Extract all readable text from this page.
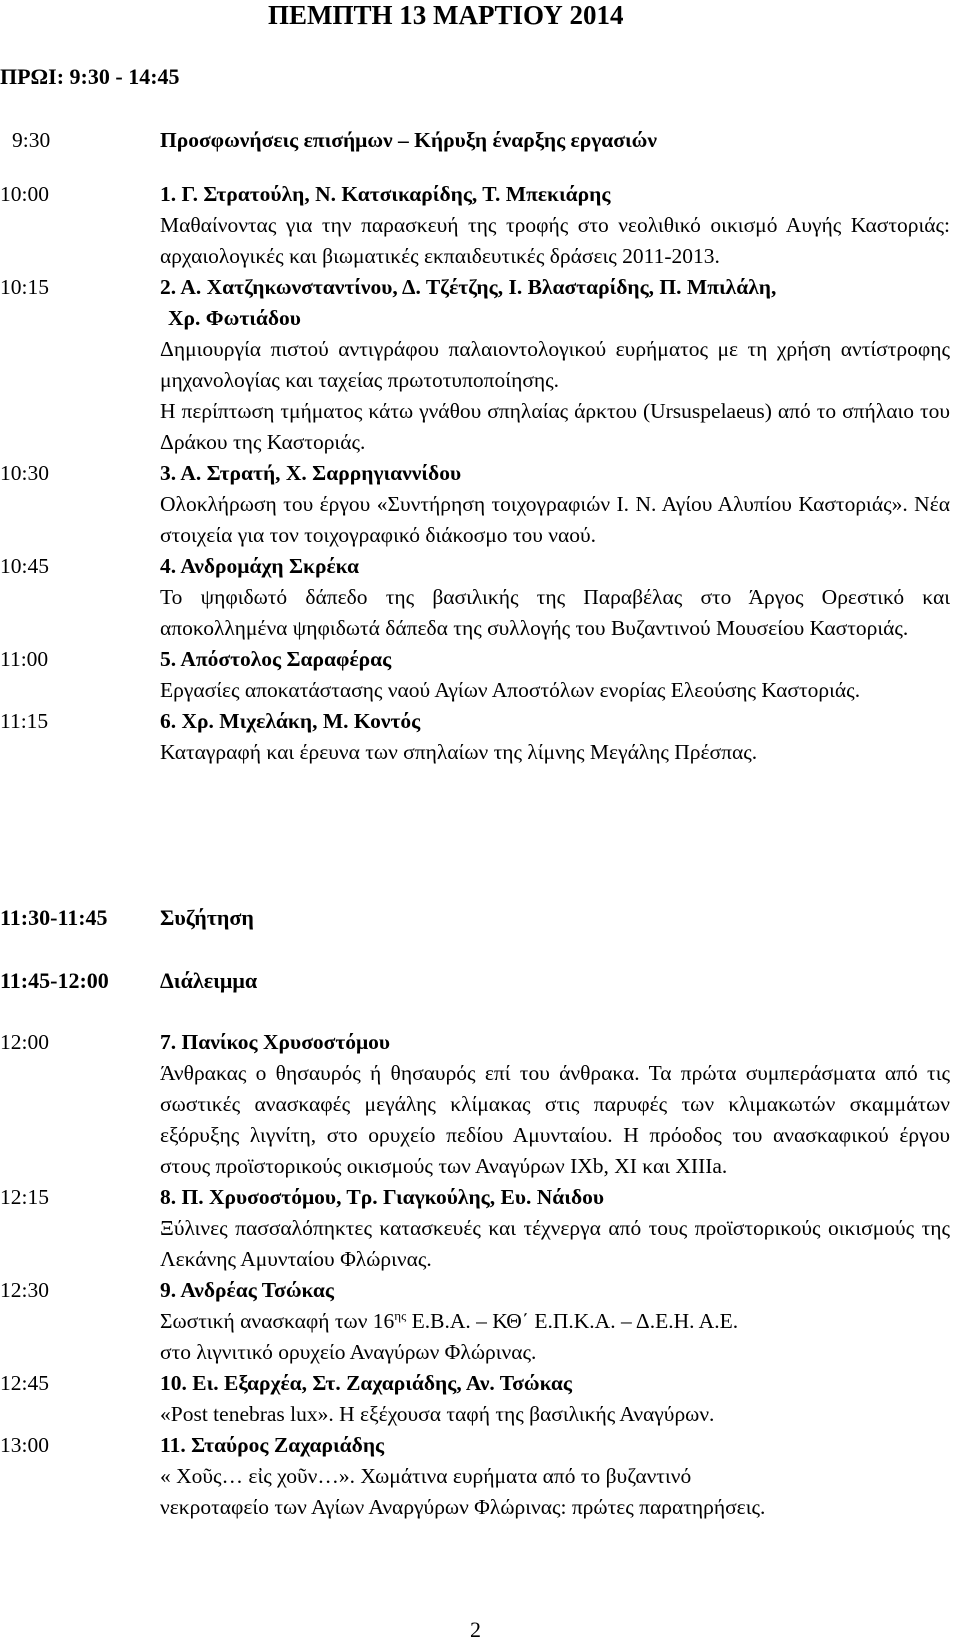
ΠΕΜΠΤΗ 13 ΜΑΡΤΙΟΥ 2014
ΠΡΩΙ: 9:30 - 14:45
9:30	Προσφωνήσεις επισήμων – Κήρυξη έναρξης εργασιών
10:00	1. Γ. Στρατούλη, Ν. Κατσικαρίδης, Τ. Μπεκιάρης
Μαθαίνοντας για την παρασκευή της τροφής στο νεολιθικό οικισμό Αυγής Καστοριάς: αρχαιολογικές και βιωματικές εκπαιδευτικές δράσεις 2011-2013.
10:15	2. Α. Χατζηκωνσταντίνου, Δ. Τζέτζης, Ι. Βλασταρίδης, Π. Μπιλάλη,
Χρ. Φωτιάδου
Δημιουργία πιστού αντιγράφου παλαιοντολογικού ευρήματος με τη χρήση αντίστροφης μηχανολογίας και ταχείας πρωτοτυποποίησης.
Η περίπτωση τμήματος κάτω γνάθου σπηλαίας άρκτου (Ursuspelaeus) από το σπήλαιο του Δράκου της Καστοριάς.
10:30	3. Α. Στρατή, Χ. Σαρρηγιαννίδου
Ολοκλήρωση του έργου «Συντήρηση τοιχογραφιών Ι. Ν. Αγίου Αλυπίου Καστοριάς». Νέα στοιχεία για τον τοιχογραφικό διάκοσμο του ναού.
10:45	4. Ανδρομάχη Σκρέκα
Το ψηφιδωτό δάπεδο της βασιλικής της Παραβέλας στο Άργος Ορεστικό και αποκολλημένα ψηφιδωτά δάπεδα της συλλογής του Βυζαντινού Μουσείου Καστοριάς.
11:00	5. Απόστολος Σαραφέρας
Εργασίες αποκατάστασης ναού Αγίων Αποστόλων ενορίας Ελεούσης Καστοριάς.
11:15	6. Χρ. Μιχελάκη, Μ. Κοντός
Καταγραφή και έρευνα των σπηλαίων της λίμνης Μεγάλης Πρέσπας.
11:30-11:45 Συζήτηση
11:45-12:00 Διάλειμμα
12:00	7. Πανίκος Χρυσοστόμου
Άνθρακας ο θησαυρός ή θησαυρός επί του άνθρακα. Τα πρώτα συμπεράσματα από τις σωστικές ανασκαφές μεγάλης κλίμακας στις παρυφές των κλιμακωτών σκαμμάτων εξόρυξης λιγνίτη, στο ορυχείο πεδίου Αμυνταίου. Η πρόοδος του ανασκαφικού έργου στους προϊστορικούς οικισμούς των Αναγύρων ΙΧb, XI και XIIIa.
12:15	8. Π. Χρυσοστόμου, Τρ. Γιαγκούλης, Ευ. Νάιδου
Ξύλινες πασσαλόπηκτες κατασκευές και τέχνεργα από τους προϊστορικούς οικισμούς της Λεκάνης Αμυνταίου Φλώρινας.
12:30	9. Ανδρέας Τσώκας
Σωστική ανασκαφή των $16^{\eta\varsigma}$ Ε.Β.Α. – ΚΘ΄ Ε.Π.Κ.Α. – Δ.Ε.Η. Α.Ε.
στο λιγνιτικό ορυχείο Αναγύρων Φλώρινας.
12:45	10. Ει. Εξαρχέα, Στ. Ζαχαριάδης, Αν. Τσώκας
«Post tenebras lux». Η εξέχουσα ταφή της βασιλικής Αναγύρων.
13:00	11. Σταύρος Ζαχαριάδης
« Χοῦς… εἰς χοῦν…». Χωμάτινα ευρήματα από το βυζαντινό
νεκροταφείο των Αγίων Αναργύρων Φλώρινας: πρώτες παρατηρήσεις.
2
